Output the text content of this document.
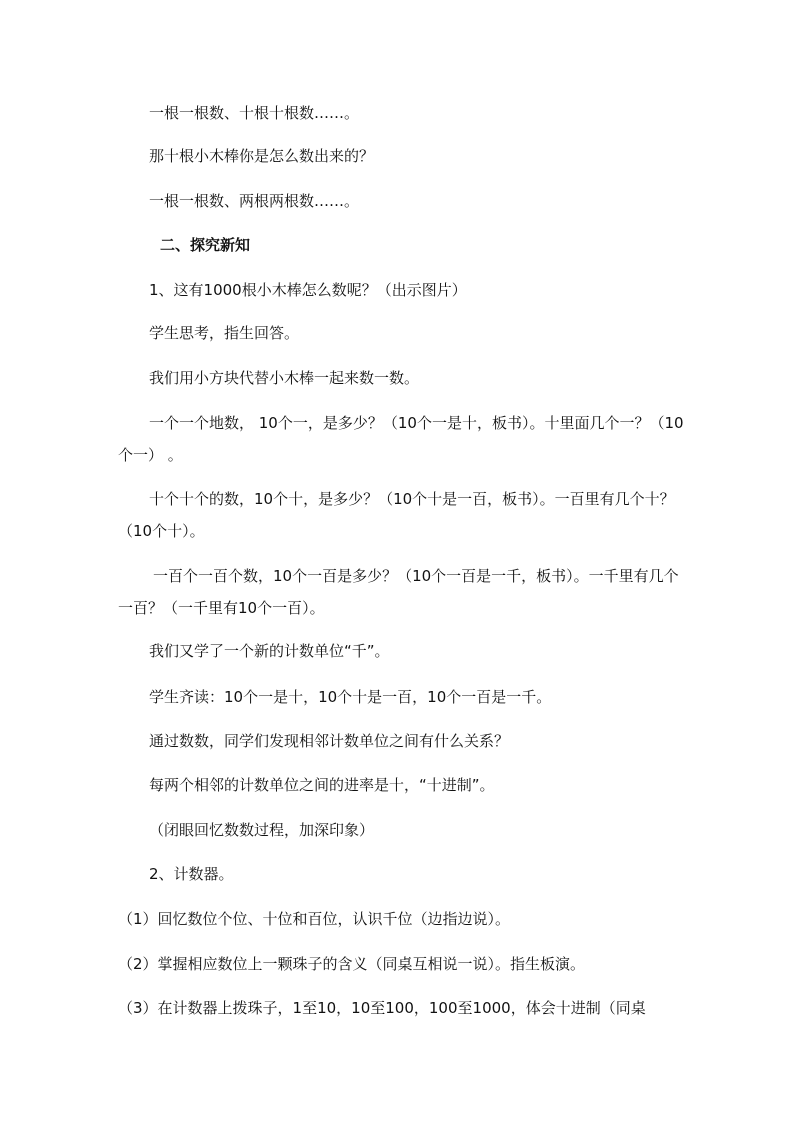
一根一根数、十根十根数……。

那十根小木棒你是怎么数出来的？

一根一根数、两根两根数……。

二、探究新知

1、这有1000根小木棒怎么数呢？（出示图片）

学生思考，指生回答。

我们用小方块代替小木棒一起来数一数。

一个一个地数， 10个一，是多少？（10个一是十，板书）。十里面几个一？（10个一） 。

十个十个的数，10个十，是多少？（10个十是一百，板书）。一百里有几个十？（10个十）。

一百个一百个数，10个一百是多少？（10个一百是一千，板书）。一千里有几个一百？（一千里有10个一百）。

我们又学了一个新的计数单位“千”。

学生齐读：10个一是十，10个十是一百，10个一百是一千。

通过数数，同学们发现相邻计数单位之间有什么关系？

每两个相邻的计数单位之间的进率是十，“十进制”。

（闭眼回忆数数过程，加深印象）

2、计数器。

（1）回忆数位个位、十位和百位，认识千位（边指边说）。

（2）掌握相应数位上一颗珠子的含义（同桌互相说一说）。指生板演。

（3）在计数器上拨珠子，1至10，10至100，100至1000，体会十进制（同桌
